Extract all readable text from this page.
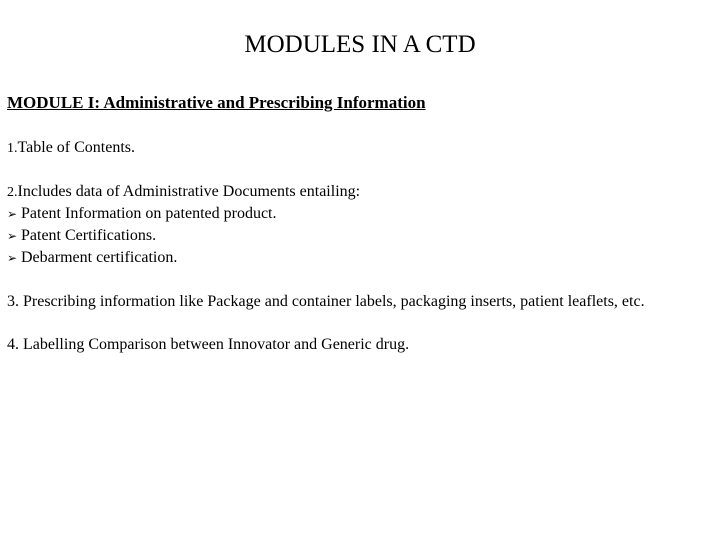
MODULES IN A CTD
MODULE I: Administrative and Prescribing Information
1.Table of Contents.
2.Includes data of Administrative Documents entailing:
➢ Patent Information on patented product.
➢ Patent Certifications.
➢ Debarment certification.
3. Prescribing information like Package and container labels, packaging inserts, patient leaflets, etc.
4. Labelling Comparison between Innovator and Generic drug.
